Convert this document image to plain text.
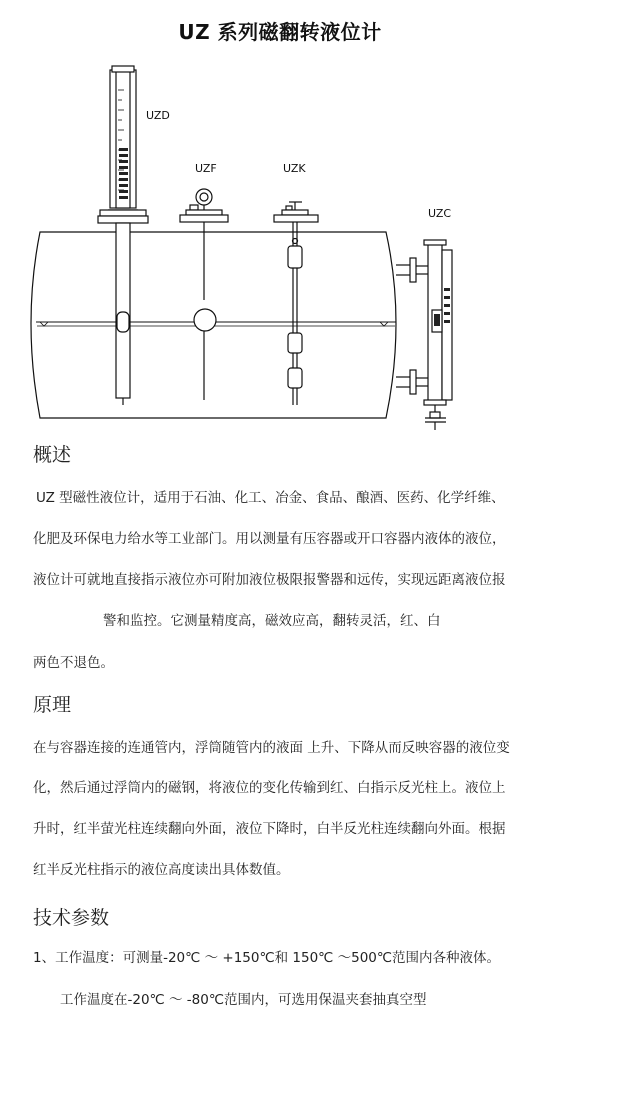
UZ 系列磁翻转液位计
UZD
UZF	UZK
UZC
概述
UZ 型磁性液位计，适用于石油、化工、冶金、食品、酿酒、医药、化学纤维、
化肥及环保电力给水等工业部门。用以测量有压容器或开口容器内液体的液位，
液位计可就地直接指示液位亦可附加液位极限报警器和远传，实现远距离液位报
警和监控。它测量精度高，磁效应高，翻转灵活，红、白
两色不退色。
原理
在与容器连接的连通管内，浮筒随管内的液面 上升、下降从而反映容器的液位变
化，然后通过浮筒内的磁钢，将液位的变化传输到红、白指示反光柱上。液位上
升时，红半萤光柱连续翻向外面，液位下降时，白半反光柱连续翻向外面。根据
红半反光柱指示的液位高度读出具体数值。
技术参数
1、工作温度：可测量-20℃ ～ +150℃和 150℃ ～500℃范围内各种液体。
工作温度在-20℃ ～ -80℃范围内，可选用保温夹套抽真空型
